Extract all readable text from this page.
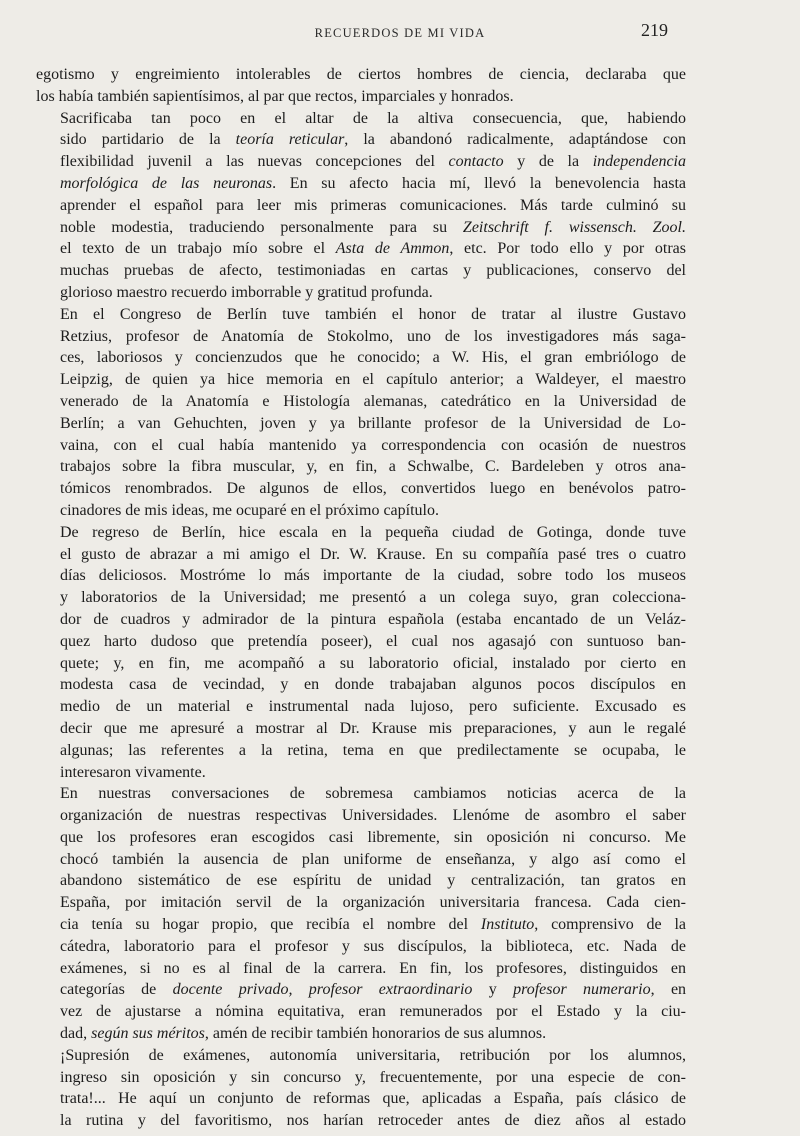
RECUERDOS DE MI VIDA	219

egotismo y engreimiento intolerables de ciertos hombres de ciencia, declaraba que
los había también sapientísimos, al par que rectos, imparciales y honrados.

Sacrificaba tan poco en el altar de la altiva consecuencia, que, habiendo
sido partidario de la teoría reticular, la abandonó radicalmente, adaptándose con
flexibilidad juvenil a las nuevas concepciones del contacto y de la independencia
morfológica de las neuronas. En su afecto hacia mí, llevó la benevolencia hasta
aprender el español para leer mis primeras comunicaciones. Más tarde culminó su
noble modestia, traduciendo personalmente para su Zeitschrift f. wissensch. Zool.
el texto de un trabajo mío sobre el Asta de Ammon, etc. Por todo ello y por otras
muchas pruebas de afecto, testimoniadas en cartas y publicaciones, conservo del
glorioso maestro recuerdo imborrable y gratitud profunda.

En el Congreso de Berlín tuve también el honor de tratar al ilustre Gustavo
Retzius, profesor de Anatomía de Stokolmo, uno de los investigadores más saga-
ces, laboriosos y concienzudos que he conocido; a W. His, el gran embriólogo de
Leipzig, de quien ya hice memoria en el capítulo anterior; a Waldeyer, el maestro
venerado de la Anatomía e Histología alemanas, catedrático en la Universidad de
Berlín; a van Gehuchten, joven y ya brillante profesor de la Universidad de Lo-
vaina, con el cual había mantenido ya correspondencia con ocasión de nuestros
trabajos sobre la fibra muscular, y, en fin, a Schwalbe, C. Bardeleben y otros ana-
tómicos renombrados. De algunos de ellos, convertidos luego en benévolos patro-
cinadores de mis ideas, me ocuparé en el próximo capítulo.

De regreso de Berlín, hice escala en la pequeña ciudad de Gotinga, donde tuve
el gusto de abrazar a mi amigo el Dr. W. Krause. En su compañía pasé tres o cuatro
días deliciosos. Mostróme lo más importante de la ciudad, sobre todo los museos
y laboratorios de la Universidad; me presentó a un colega suyo, gran colecciona-
dor de cuadros y admirador de la pintura española (estaba encantado de un Veláz-
quez harto dudoso que pretendía poseer), el cual nos agasajó con suntuoso ban-
quete; y, en fin, me acompañó a su laboratorio oficial, instalado por cierto en
modesta casa de vecindad, y en donde trabajaban algunos pocos discípulos en
medio de un material e instrumental nada lujoso, pero suficiente. Excusado es
decir que me apresuré a mostrar al Dr. Krause mis preparaciones, y aun le regalé
algunas; las referentes a la retina, tema en que predilectamente se ocupaba, le
interesaron vivamente.

En nuestras conversaciones de sobremesa cambiamos noticias acerca de la
organización de nuestras respectivas Universidades. Llenóme de asombro el saber
que los profesores eran escogidos casi libremente, sin oposición ni concurso. Me
chocó también la ausencia de plan uniforme de enseñanza, y algo así como el
abandono sistemático de ese espíritu de unidad y centralización, tan gratos en
España, por imitación servil de la organización universitaria francesa. Cada cien-
cia tenía su hogar propio, que recibía el nombre del Instituto, comprensivo de la
cátedra, laboratorio para el profesor y sus discípulos, la biblioteca, etc. Nada de
exámenes, si no es al final de la carrera. En fin, los profesores, distinguidos en
categorías de docente privado, profesor extraordinario y profesor numerario, en
vez de ajustarse a nómina equitativa, eran remunerados por el Estado y la ciu-
dad, según sus méritos, amén de recibir también honorarios de sus alumnos.

¡Supresión de exámenes, autonomía universitaria, retribución por los alumnos,
ingreso sin oposición y sin concurso y, frecuentemente, por una especie de con-
trata!... He aquí un conjunto de reformas que, aplicadas a España, país clásico de
la rutina y del favoritismo, nos harían retroceder antes de diez años al estado
